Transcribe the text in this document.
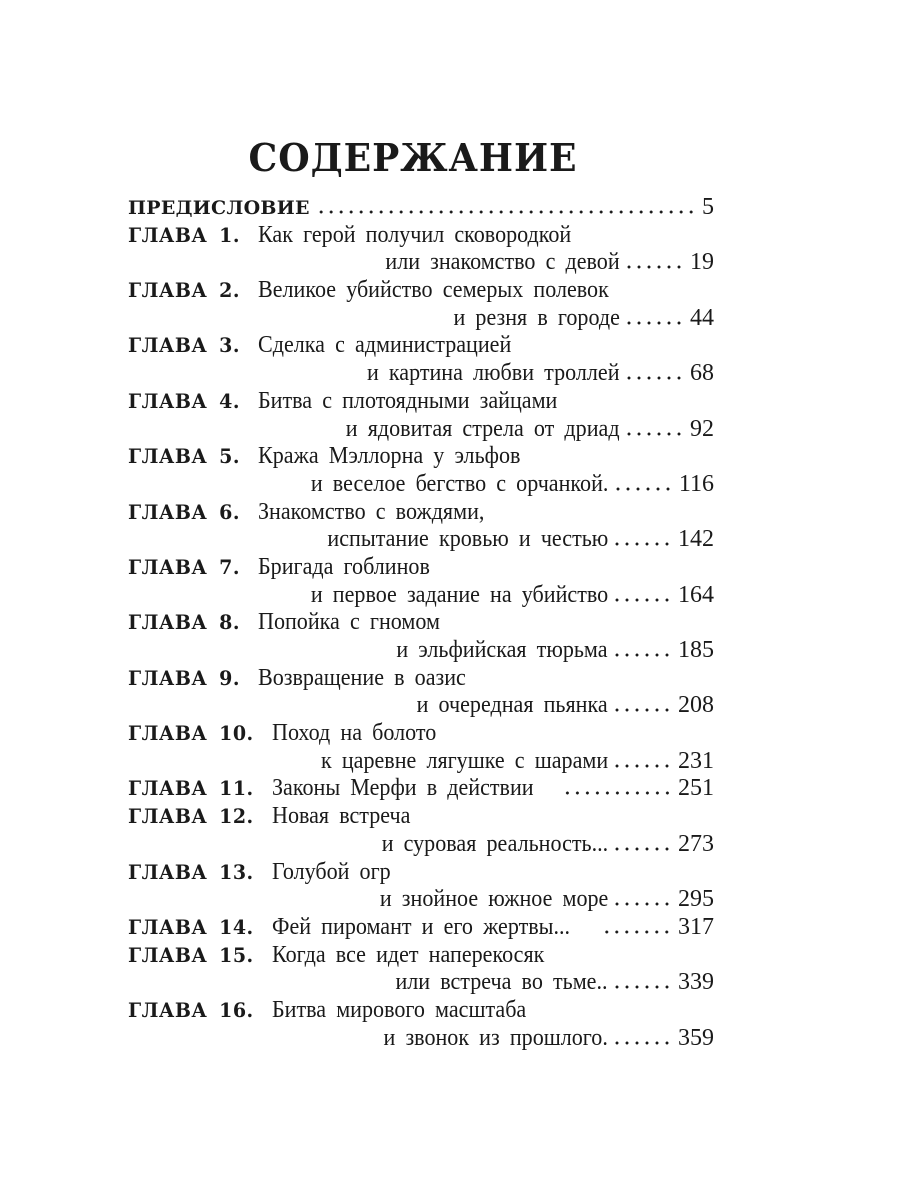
СОДЕРЖАНИЕ
ПРЕДИСЛОВИЕ	5
ГЛАВА 1. Как герой получил сковородкой
или знакомство с девой	19
ГЛАВА 2. Великое убийство семерых полевок
и резня в городе	44
ГЛАВА 3. Сделка с администрацией
и картина любви троллей	68
ГЛАВА 4. Битва с плотоядными зайцами
и ядовитая стрела от дриад	92
ГЛАВА 5. Кража Мэллорна у эльфов
и веселое бегство с орчанкой.	116
ГЛАВА 6. Знакомство с вождями,
испытание кровью и честью	142
ГЛАВА 7. Бригада гоблинов
и первое задание на убийство	164
ГЛАВА 8. Попойка с гномом
и эльфийская тюрьма	185
ГЛАВА 9. Возвращение в оазис
и очередная пьянка	208
ГЛАВА 10. Поход на болото
к царевне лягушке с шарами	231
ГЛАВА 11. Законы Мерфи в действии	251
ГЛАВА 12. Новая встреча
и суровая реальность...	273
ГЛАВА 13. Голубой огр
и знойное южное море	295
ГЛАВА 14. Фей пиромант и его жертвы...	317
ГЛАВА 15. Когда все идет наперекосяк
или встреча во тьме..	339
ГЛАВА 16. Битва мирового масштаба
и звонок из прошлого.	359
